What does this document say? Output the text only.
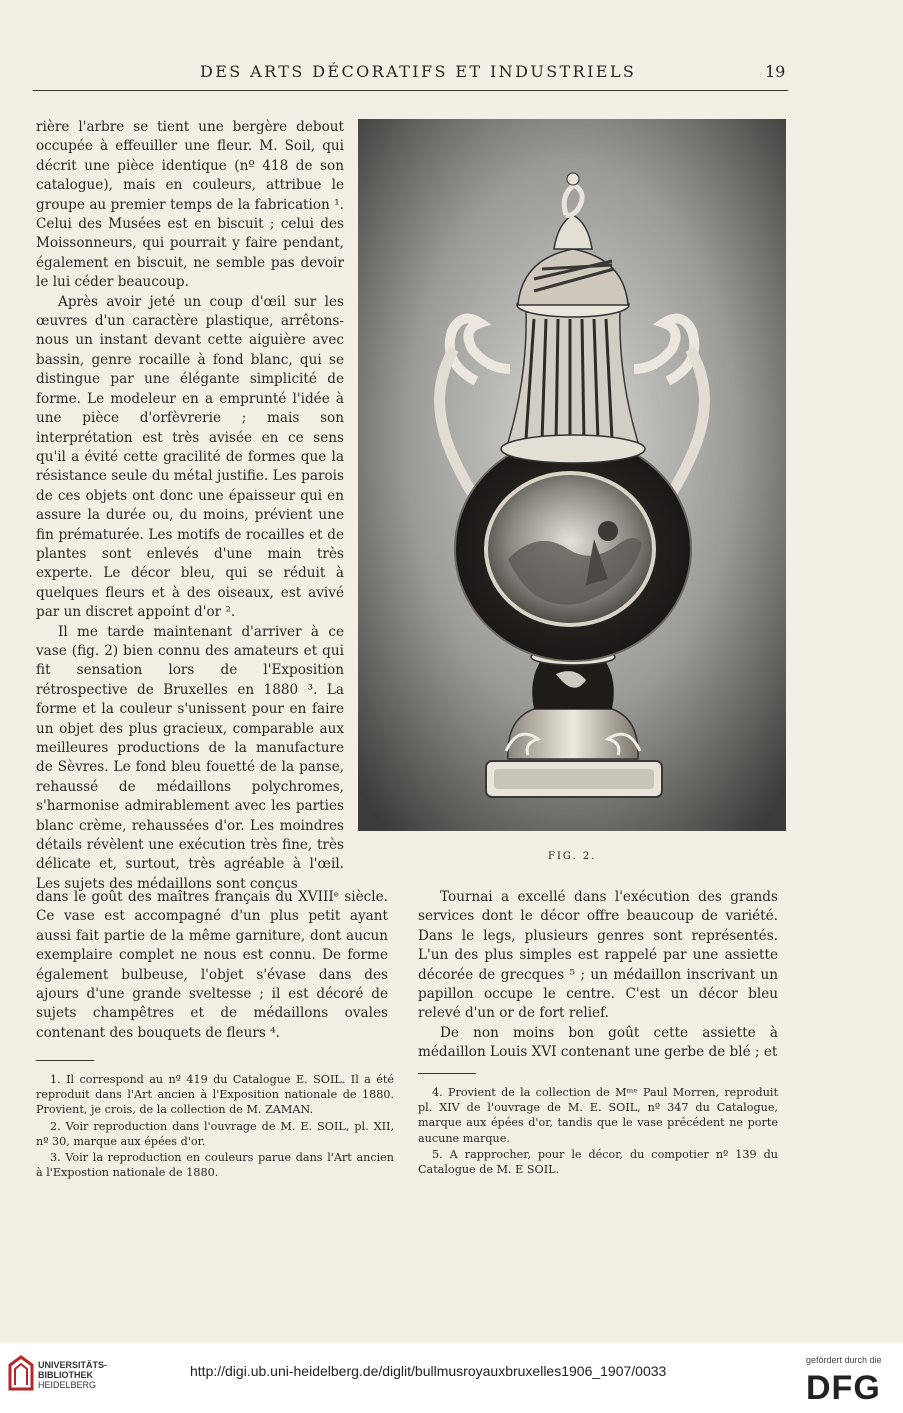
DES ARTS DÉCORATIFS ET INDUSTRIELS	19

rière l'arbre se tient une bergère debout occupée à effeuiller une fleur. M. Soil, qui décrit une pièce identique (nº 418 de son catalogue), mais en couleurs, attribue le groupe au premier temps de la fabrication ¹. Celui des Musées est en biscuit ; celui des Moissonneurs, qui pourrait y faire pendant, également en biscuit, ne semble pas devoir le lui céder beaucoup.

Après avoir jeté un coup d'œil sur les œuvres d'un caractère plastique, arrêtons-nous un instant devant cette aiguière avec bassin, genre rocaille à fond blanc, qui se distingue par une élégante simplicité de forme. Le modeleur en a emprunté l'idée à une pièce d'orfèvrerie ; mais son interprétation est très avisée en ce sens qu'il a évité cette gracilité de formes que la résistance seule du métal justifie. Les parois de ces objets ont donc une épaisseur qui en assure la durée ou, du moins, prévient une fin prématurée. Les motifs de rocailles et de plantes sont enlevés d'une main très experte. Le décor bleu, qui se réduit à quelques fleurs et à des oiseaux, est avivé par un discret appoint d'or ².

Il me tarde maintenant d'arriver à ce vase (fig. 2) bien connu des amateurs et qui fit sensation lors de l'Exposition rétrospective de Bruxelles en 1880 ³. La forme et la couleur s'unissent pour en faire un objet des plus gracieux, comparable aux meilleures productions de la manufacture de Sèvres. Le fond bleu fouetté de la panse, rehaussé de médaillons polychromes, s'harmonise admirablement avec les parties blanc crème, rehaussées d'or. Les moindres détails révèlent une exécution très fine, très délicate et, surtout, très agréable à l'œil. Les sujets des médaillons sont conçus

FIG. 2.

dans le goût des maîtres français du XVIIIᵉ siècle. Ce vase est accompagné d'un plus petit ayant aussi fait partie de la même garniture, dont aucun exemplaire complet ne nous est connu. De forme également bulbeuse, l'objet s'évase dans des ajours d'une grande sveltesse ; il est décoré de sujets champêtres et de médaillons ovales contenant des bouquets de fleurs ⁴.

Tournai a excellé dans l'exécution des grands services dont le décor offre beaucoup de variété. Dans le legs, plusieurs genres sont représentés. L'un des plus simples est rappelé par une assiette décorée de grecques ⁵ ; un médaillon inscrivant un papillon occupe le centre. C'est un décor bleu relevé d'un or de fort relief.

De non moins bon goût cette assiette à médaillon Louis XVI contenant une gerbe de blé ; et

1. Il correspond au nº 419 du Catalogue E. SOIL. Il a été reproduit dans l'Art ancien à l'Exposition nationale de 1880. Provient, je crois, de la collection de M. ZAMAN.

2. Voir reproduction dans l'ouvrage de M. E. SOIL, pl. XII, nº 30, marque aux épées d'or.

3. Voir la reproduction en couleurs parue dans l'Art ancien à l'Expostion nationale de 1880.

4. Provient de la collection de Mᵐᵉ Paul Morren, reproduit pl. XIV de l'ouvrage de M. E. SOIL, nº 347 du Catalogue, marque aux épées d'or, tandis que le vase précédent ne porte aucune marque.

5. A rapprocher, pour le décor, du compotier nº 139 du Catalogue de M. E SOIL.

UNIVERSITÄTS-
BIBLIOTHEK
HEIDELBERG
http://digi.ub.uni-heidelberg.de/diglit/bullmusroyauxbruxelles1906_1907/0033
gefördert durch die
DFG
